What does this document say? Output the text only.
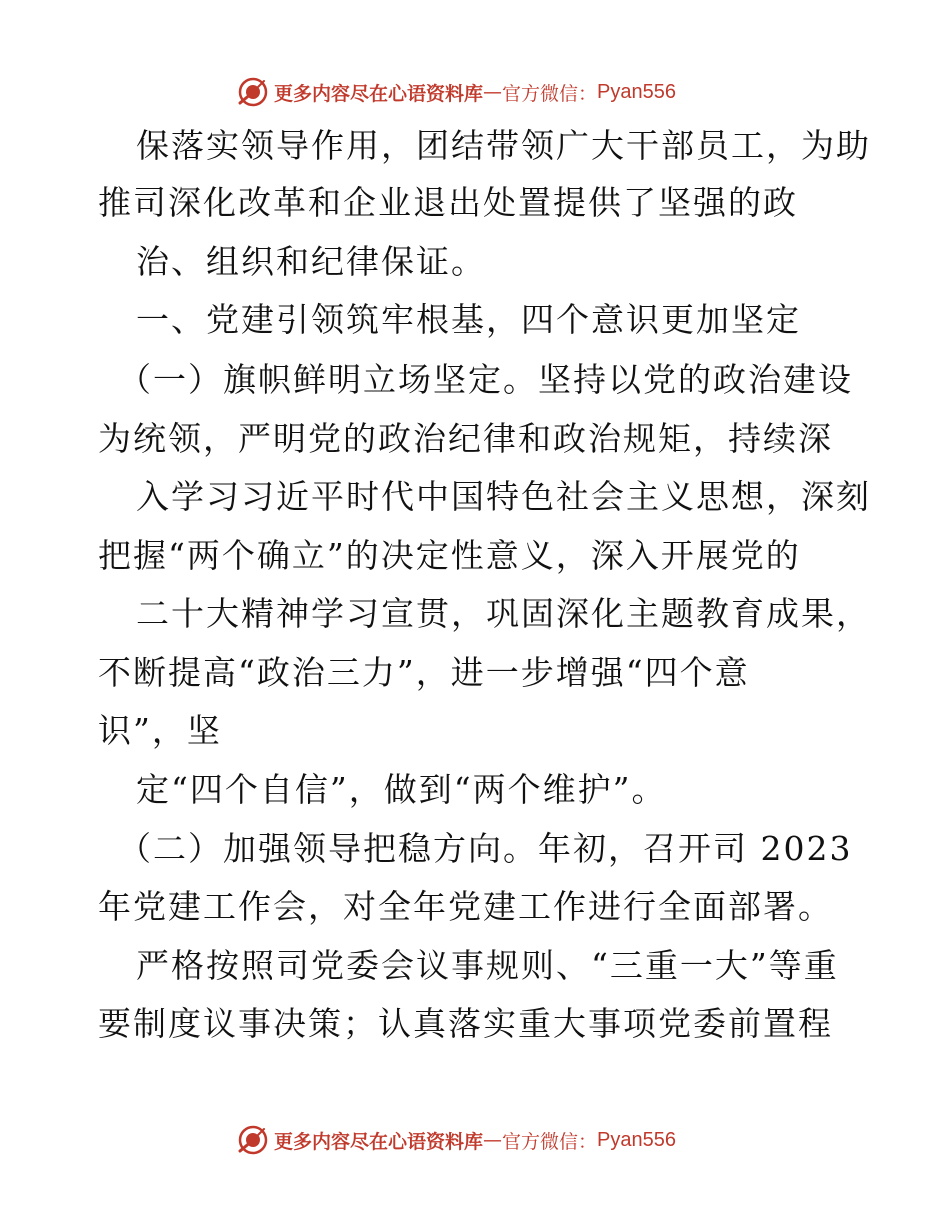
更多内容尽在心语资料库 — 官方微信： Pyan556
保落实领导作用，团结带领广大干部员工，为助
推司深化改革和企业退出处置提供了坚强的政
治、组织和纪律保证。
一、党建引领筑牢根基，四个意识更加坚定
（一）旗帜鲜明立场坚定。坚持以党的政治建设
为统领，严明党的政治纪律和政治规矩，持续深
入学习习近平时代中国特色社会主义思想，深刻
把握“两个确立”的决定性意义，深入开展党的
二十大精神学习宣贯，巩固深化主题教育成果，
不断提高“政治三力”，进一步增强“四个意
识”，坚
定“四个自信”，做到“两个维护”。
（二）加强领导把稳方向。年初，召开司 2023
年党建工作会，对全年党建工作进行全面部署。
严格按照司党委会议事规则、“三重一大”等重
要制度议事决策；认真落实重大事项党委前置程
更多内容尽在心语资料库 — 官方微信： Pyan556
